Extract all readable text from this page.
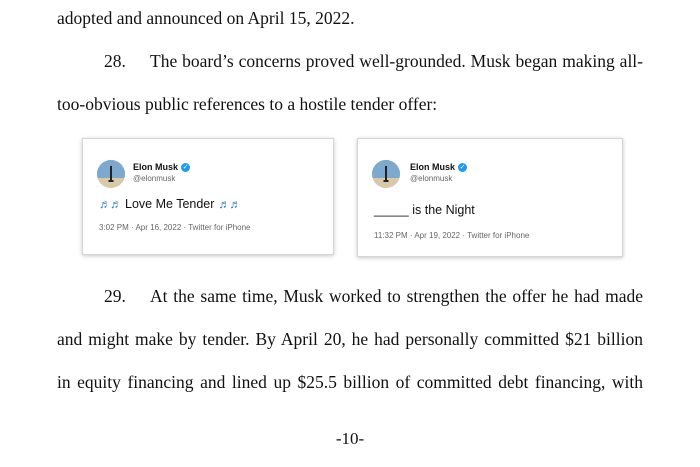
adopted and announced on April 15, 2022.
28. The board’s concerns proved well-grounded. Musk began making all-
too-obvious public references to a hostile tender offer:
Elon Musk ✓
@elonmusk
♬♬ Love Me Tender ♬♬
3:02 PM · Apr 16, 2022 · Twitter for iPhone
Elon Musk ✓
@elonmusk
_____ is the Night
11:32 PM · Apr 19, 2022 · Twitter for iPhone
29. At the same time, Musk worked to strengthen the offer he had made
and might make by tender. By April 20, he had personally committed $21 billion
in equity financing and lined up $25.5 billion of committed debt financing, with
-10-
